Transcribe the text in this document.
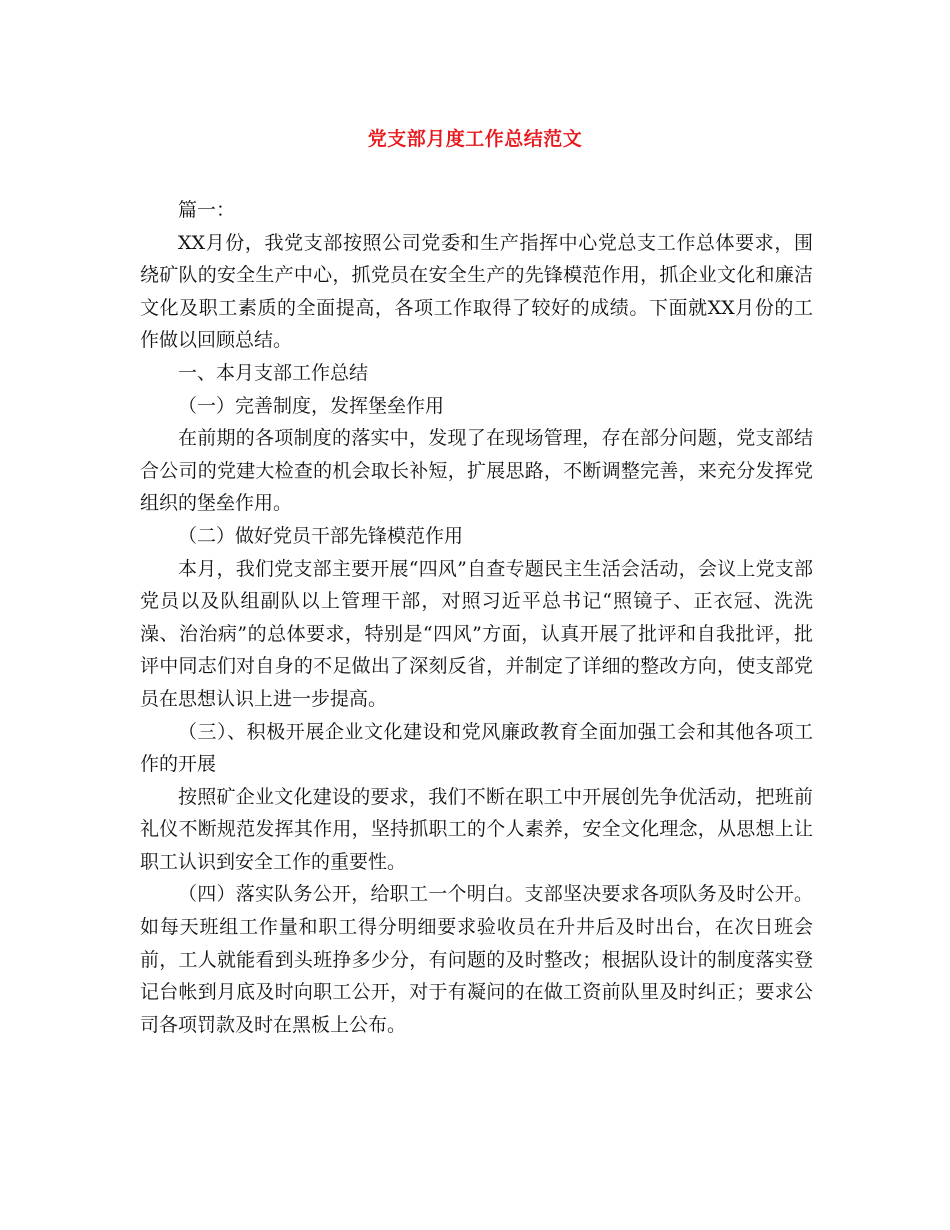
党支部月度工作总结范文

篇一：

XX月份，我党支部按照公司党委和生产指挥中心党总支工作总体要求，围绕矿队的安全生产中心，抓党员在安全生产的先锋模范作用，抓企业文化和廉洁文化及职工素质的全面提高，各项工作取得了较好的成绩。下面就XX月份的工作做以回顾总结。

一、本月支部工作总结

（一）完善制度，发挥堡垒作用

在前期的各项制度的落实中，发现了在现场管理，存在部分问题，党支部结合公司的党建大检查的机会取长补短，扩展思路，不断调整完善，来充分发挥党组织的堡垒作用。

（二）做好党员干部先锋模范作用

本月，我们党支部主要开展“四风”自查专题民主生活会活动，会议上党支部党员以及队组副队以上管理干部，对照习近平总书记“照镜子、正衣冠、洗洗澡、治治病”的总体要求，特别是“四风”方面，认真开展了批评和自我批评，批评中同志们对自身的不足做出了深刻反省，并制定了详细的整改方向，使支部党员在思想认识上进一步提高。

（三）、积极开展企业文化建设和党风廉政教育全面加强工会和其他各项工作的开展

按照矿企业文化建设的要求，我们不断在职工中开展创先争优活动，把班前礼仪不断规范发挥其作用，坚持抓职工的个人素养，安全文化理念，从思想上让职工认识到安全工作的重要性。

（四）落实队务公开，给职工一个明白。支部坚决要求各项队务及时公开。如每天班组工作量和职工得分明细要求验收员在升井后及时出台，在次日班会前，工人就能看到头班挣多少分，有问题的及时整改；根据队设计的制度落实登记台帐到月底及时向职工公开，对于有凝问的在做工资前队里及时纠正；要求公司各项罚款及时在黑板上公布。
